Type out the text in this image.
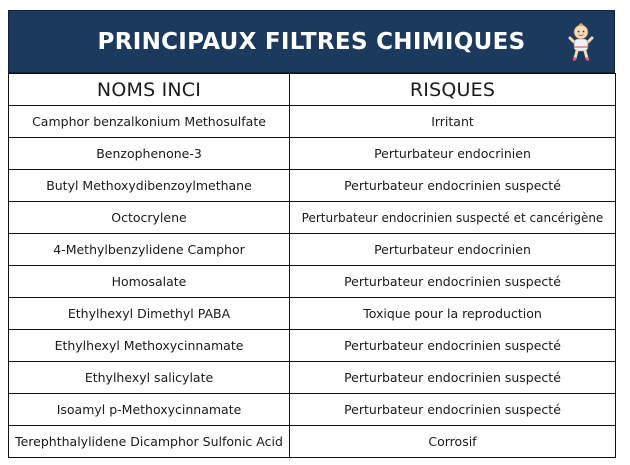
PRINCIPAUX FILTRES CHIMIQUES
NOMS INCI	RISQUES
Camphor benzalkonium Methosulfate	Irritant
Benzophenone-3	Perturbateur endocrinien
Butyl Methoxydibenzoylmethane	Perturbateur endocrinien suspecté
Octocrylene	Perturbateur endocrinien suspecté et cancérigène
4-Methylbenzylidene Camphor	Perturbateur endocrinien
Homosalate	Perturbateur endocrinien suspecté
Ethylhexyl Dimethyl PABA	Toxique pour la reproduction
Ethylhexyl Methoxycinnamate	Perturbateur endocrinien suspecté
Ethylhexyl salicylate	Perturbateur endocrinien suspecté
Isoamyl p-Methoxycinnamate	Perturbateur endocrinien suspecté
Terephthalylidene Dicamphor Sulfonic Acid	Corrosif
